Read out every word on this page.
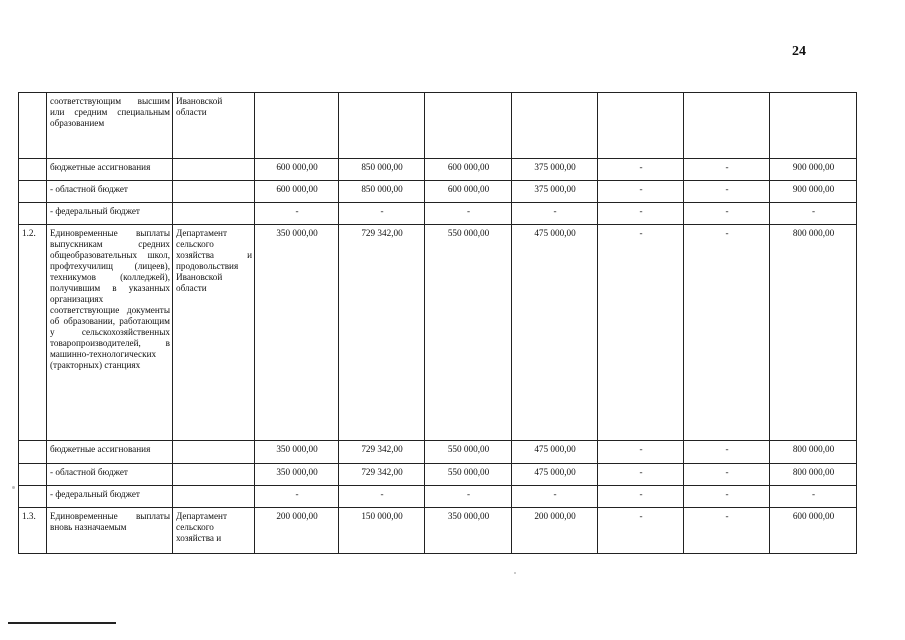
24
	соответствующим высшим или средним специальным образованием	Ивановской области							
	бюджетные ассигнования		600 000,00	850 000,00	600 000,00	375 000,00	-	-	900 000,00
	- областной бюджет		600 000,00	850 000,00	600 000,00	375 000,00	-	-	900 000,00
	- федеральный бюджет		-	-	-	-	-	-	-
1.2.	Единовременные выплаты выпускникам средних общеобразовательных школ, профтехучилищ (лицеев), техникумов (колледжей), получившим в указанных организациях соответствующие документы об образовании, работающим у сельскохозяйственных товаропроизводителей, в машинно-технологических (тракторных) станциях	Департамент сельского хозяйства и продовольствия Ивановской области	350 000,00	729 342,00	550 000,00	475 000,00	-	-	800 000,00
	бюджетные ассигнования		350 000,00	729 342,00	550 000,00	475 000,00	-	-	800 000,00
	- областной бюджет		350 000,00	729 342,00	550 000,00	475 000,00	-	-	800 000,00
	- федеральный бюджет		-	-	-	-	-	-	-
1.3.	Единовременные выплаты вновь назначаемым	Департамент сельского хозяйства и	200 000,00	150 000,00	350 000,00	200 000,00	-	-	600 000,00
